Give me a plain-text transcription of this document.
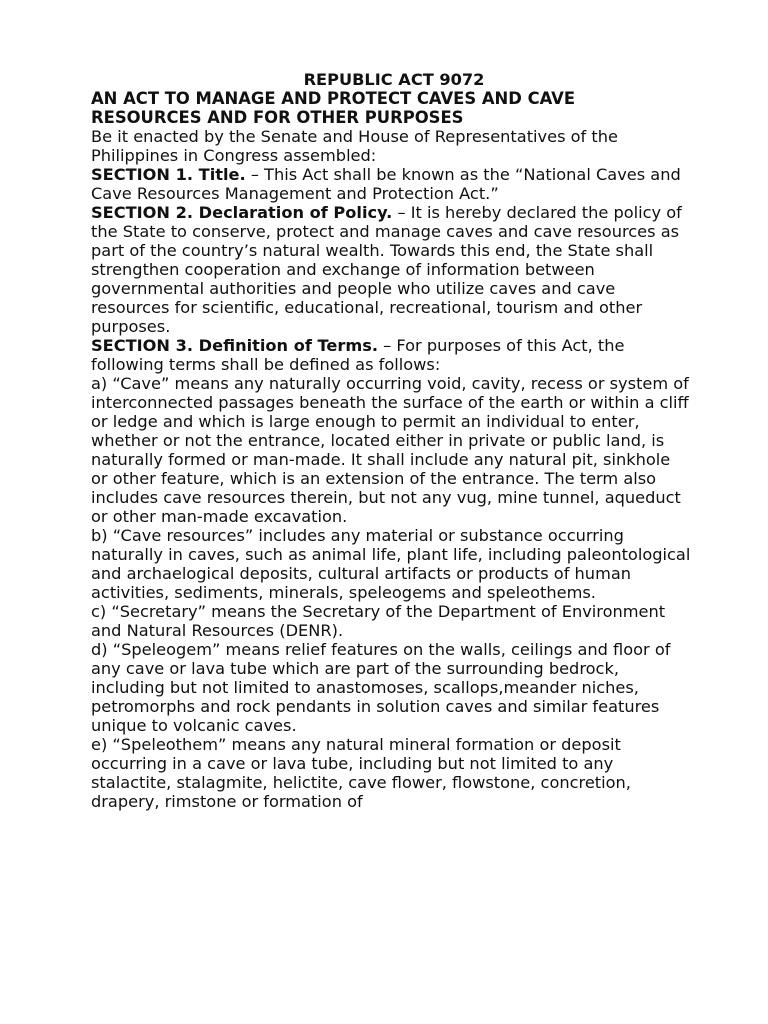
REPUBLIC ACT 9072

AN ACT TO MANAGE AND PROTECT CAVES AND CAVE RESOURCES AND FOR OTHER PURPOSES

Be it enacted by the Senate and House of Representatives of the Philippines in Congress assembled:

SECTION 1. Title. – This Act shall be known as the “National Caves and Cave Resources Management and Protection Act.”

SECTION 2. Declaration of Policy. – It is hereby declared the policy of the State to conserve, protect and manage caves and cave resources as part of the country’s natural wealth. Towards this end, the State shall strengthen cooperation and exchange of information between governmental authorities and people who utilize caves and cave resources for scientific, educational, recreational, tourism and other purposes.

SECTION 3. Definition of Terms. – For purposes of this Act, the following terms shall be defined as follows:

a) “Cave” means any naturally occurring void, cavity, recess or system of interconnected passages beneath the surface of the earth or within a cliff or ledge and which is large enough to permit an individual to enter, whether or not the entrance, located either in private or public land, is naturally formed or man-made. It shall include any natural pit, sinkhole or other feature, which is an extension of the entrance. The term also includes cave resources therein, but not any vug, mine tunnel, aqueduct or other man-made excavation.

b) “Cave resources” includes any material or substance occurring naturally in caves, such as animal life, plant life, including paleontological and archaelogical deposits, cultural artifacts or products of human activities, sediments, minerals, speleogems and speleothems.

c) “Secretary” means the Secretary of the Department of Environment and Natural Resources (DENR).

d) “Speleogem” means relief features on the walls, ceilings and floor of any cave or lava tube which are part of the surrounding bedrock, including but not limited to anastomoses, scallops,meander niches, petromorphs and rock pendants in solution caves and similar features unique to volcanic caves.

e) “Speleothem” means any natural mineral formation or deposit occurring in a cave or lava tube, including but not limited to any stalactite, stalagmite, helictite, cave flower, flowstone, concretion, drapery, rimstone or formation of
